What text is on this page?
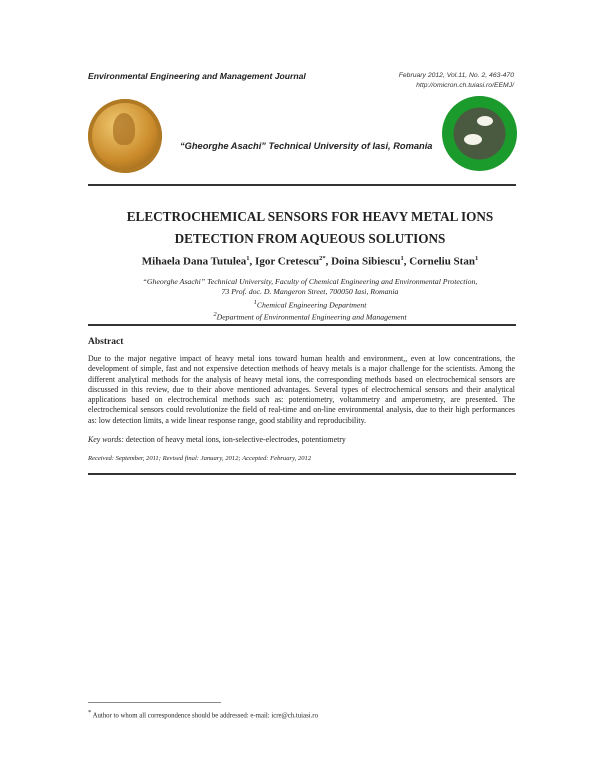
Environmental Engineering and Management Journal	February 2012, Vol.11, No. 2, 463-470
http://omicron.ch.tuiasi.ro/EEMJ/
“Gheorghe Asachi” Technical University of Iasi, Romania
ELECTROCHEMICAL SENSORS FOR HEAVY METAL IONS
DETECTION FROM AQUEOUS SOLUTIONS
Mihaela Dana Tutulea$^1$, Igor Cretescu$^{2*}$, Doina Sibiescu$^1$, Corneliu Stan$^1$
“Gheorghe Asachi” Technical University, Faculty of Chemical Engineering and Environmental Protection,
73 Prof. doc. D. Mangeron Street, 700050 Iasi, Romania
$^1$Chemical Engineering Department
$^2$Department of Environmental Engineering and Management
Abstract
Due to the major negative impact of heavy metal ions toward human health and environment,, even at low concentrations, the development of simple, fast and not expensive detection methods of heavy metals is a major challenge for the scientists. Among the different analytical methods for the analysis of heavy metal ions, the corresponding methods based on electrochemical sensors are discussed in this review, due to their above mentioned advantages. Several types of electrochemical sensors and their analytical applications based on electrochemical methods such as: potentiometry, voltammetry and amperometry, are presented. The electrochemical sensors could revolutionize the field of real-time and on-line environmental analysis, due to their high performances as: low detection limits, a wide linear response range, good stability and reproducibility.
Key words: detection of heavy metal ions, ion-selective-electrodes, potentiometry
Received: September, 2011; Revised final: January, 2012; Accepted: February, 2012
* Author to whom all correspondence should be addressed: e-mail: icre@ch.tuiasi.ro
